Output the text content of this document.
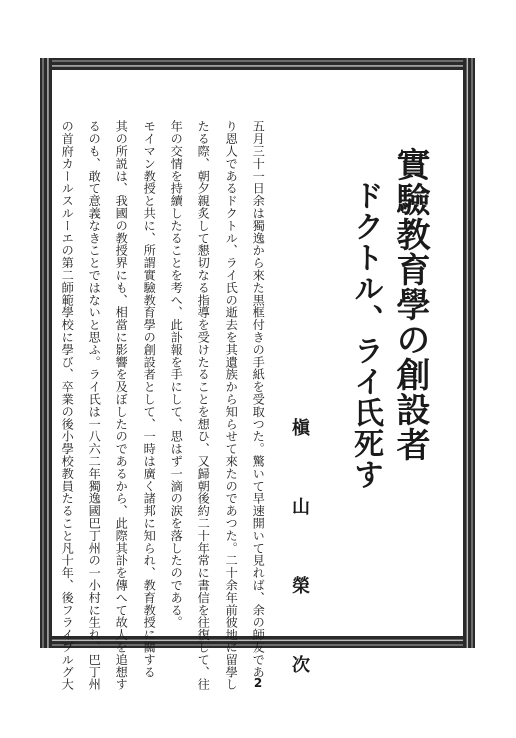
實驗教育學の創設者
ドクトル、ライ氏死す
槇 山 榮 次
五月三十一日余は獨逸から來た黒框付きの手紙を受取つた。驚いて早速開いて見れば、余の師友であ
り恩人であるドクトル、ライ氏の逝去を其遺族から知らせて來たのであつた。二十余年前彼地に留學し
たる際、朝夕親炙して懇切なる指導を受けたることを想ひ、又歸朝後約二十年常に書信を往復して、往
年の交情を持續したることを考へ、此訃報を手にして、思はず一滴の涙を落したのである。
モイマン教授と共に、所謂實驗教育學の創設者として、一時は廣く諸邦に知られ、教育教授に關する
其の所説は、我國の教授界にも、相當に影響を及ぼしたのであるから、此際其訃を傳へて故人を追想す
るのも、敢て意義なきことではないと思ふ。ライ氏は一八六二年獨逸國巴丁州の一小村に生れ、巴丁州
の首府カールスルーエの第二師範學校に學び、卒業の後小學校教員たること凡十年、後フライブルグ大	2
